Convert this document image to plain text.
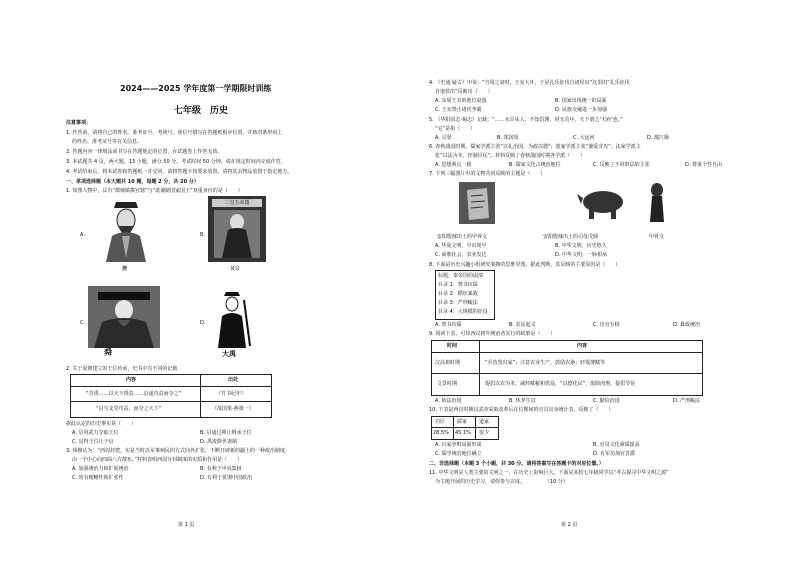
2024——2025 学年度第一学期限时训练
七年级　历史
注意事项：
1. 作答前，请将自己的姓名、准考证号、考场号、座位号填写在答题纸相应位置，并核对条形码上
的姓名、准考证号等有关信息。
2. 答题内容一律填涂或书写在答题规定的位置，在试题卷上作答无效。
3. 本试题共 4 页，两大题，13 小题，满分 50 分。考试时间 50 分钟。请在规定时间内完成作答。
4. 考试结束后，将本试卷和答题纸一并交回，请将答题卡按要求放置。请将其余物品放置于指定地方。
一、单项选择题（本大题共 10 题，每题 2 分，共 20 分）
1. 如图人物中，具有“都城镇撰宫辖”与“欲兼制国家国王”双重身份的是（　　）
A.
尧
B.
三皇五帝图
黄帝
C.
舜
D.
大禹
2. 关于夏朝建立的王位传承，史书中有不同的记载
内容	出处
“昔禹……以天下授益……启遂攻益而夺之”	《竹书纪年》
“启与支党攻益，而夺之天下”	《战国策·燕策一》
据此认定的历史事实是（　　）
A. 启用武力夺取王位	B. 启通过禅让继承王位
C. 县得王位让于启	D. 禹废除世袭制
3. 钱穆认为：“西周封建，实是当时以军事殖民的方式向外扩张，不断开辟新的疆土的一种政治制度，
由一个中心向四面八方散布。”材料表明西周分封制度的实质和作用是（　　）
A. 加强统治力和扩展统治	B. 有利于中央集权
C. 密有便略性和扩张性	D. 有利于贯彻中国政治
第 1 页
4. 《史通·疑古》中说：“当周之衰时，王室大坏，于是礼乐征伐自诸侯出”这里的“礼乐征伐
自诸侯出”反映出（　　）
A. 东周王室的地位衰落	B. 国家出现统一的局面
C. 王室禁止诸侯争霸	D. 民族交融进一步加强
5. 《华阳国志·蜀志》记载：“……水旱从人，不知饥馑，时无荒年，天下谓之‘天府’也。”
“它”是指（　　）
A. 灵渠	B. 郑国渠	C. 大运河	D. 都江堰
6. 春秋战国时期，儒家学派主张“以礼治国，为政以德”；墨家学派主张“兼爱非攻”；法家学派主
张“以法为本，控制臣民”。材料反映了春秋战国时期各学派（　　）
A. 思想观点一致	B. 儒家文化占统治地位	C. 反映了不同阶层的主张	D. 尊重个性自由
7. 下列三幅图片中的文物共同反映的主题是（　　）
安阳殷墟出土的甲骨文	安阳殷墟出土的司母戊鼎	甲骨文
A. 华夏文明，早出现早	B. 中华文明，历史悠久
C. 商朝社会，农业发达	D. 中华文明，一脉相承
8. 下面是历史兴趣小组研究秦朝的思维导图。据此判断，其反映的主要原因是（　　）
标题：秦帝国的崩溃
目录 1：焚书坑儒
目录 2：横征暴敛
目录 3：严刑峻法
目录 4：大规模的征役
A. 焚书坑儒	B. 农民起义	C. 宦官专权	D. 暴政统治
9. 阅读下表，可知西汉初年统治者实行的政策是（　　）
时间	内容
汉高祖时期	“兵皆罢归家”；注意农业生产，鼓励农桑；轻徭薄赋等
文景时期	提倡以农为本，减轻赋税和徭役，“以德化民”，废除肉刑，提倡节俭
A. 依法治国	B. 休养生息	C. 勤俭治国	D. 严刑峻法
10. 下表是西汉时期汉武帝采取改革后在位期间的官员出身统计表，反映了（　　）
功臣 儒家 道家
28.5% 45.1% 很少
A. 百家争鸣局面形成	B. 官员文化素质提高
C. 儒学统治地位确立	D. 有军功加官晋爵
二、非选择题（本题 3 个小题，共 30 分。请将答案写在答题卡的对应位置。）
11. 中华文明是人类主要的文明之一，在历史上影响巨大。下面是某校七年级同学以“考古探寻中华文明之源”
为主题开展的历史学习，请你参与完成。　　　　　（10 分）
第 2 页
